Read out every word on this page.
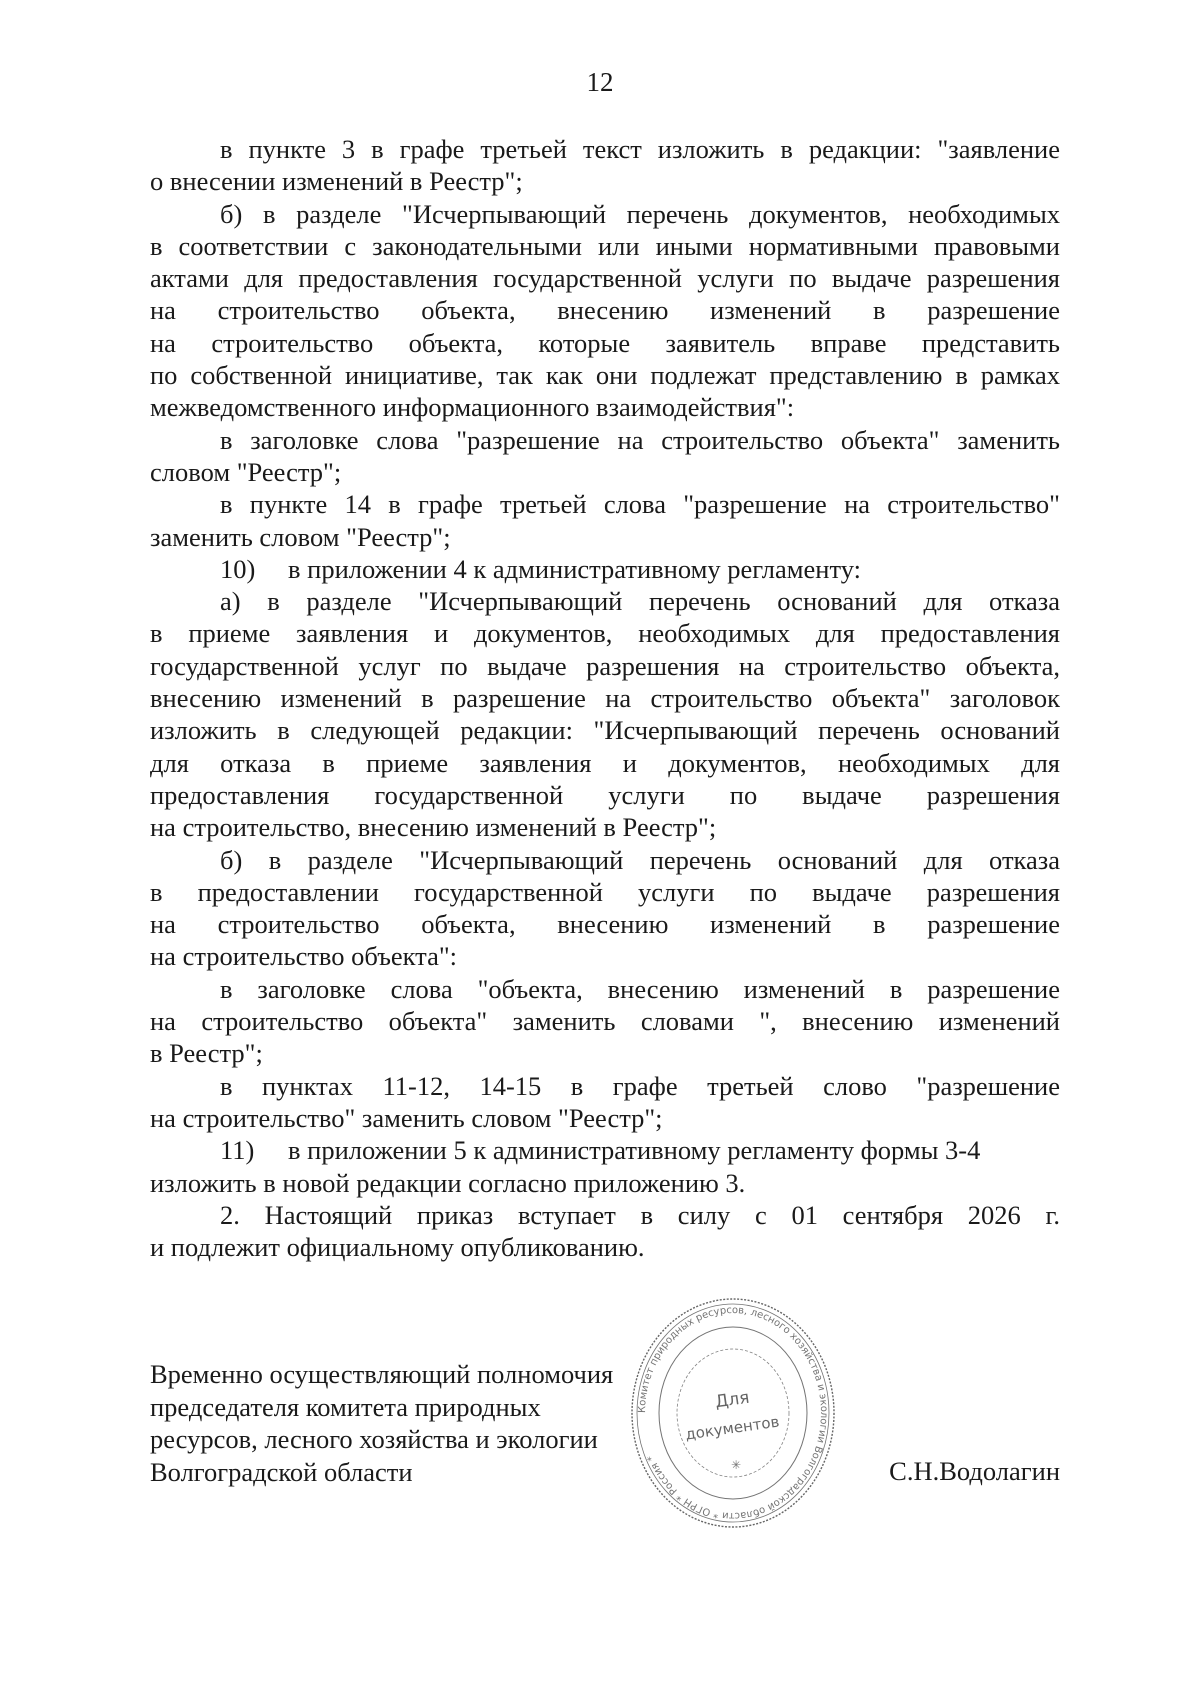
12
в пункте 3 в графе третьей текст изложить в редакции: "заявление
о внесении изменений в Реестр";
б) в разделе "Исчерпывающий перечень документов, необходимых
в соответствии с законодательными или иными нормативными правовыми
актами для предоставления государственной услуги по выдаче разрешения
на строительство объекта, внесению изменений в разрешение
на строительство объекта, которые заявитель вправе представить
по собственной инициативе, так как они подлежат представлению в рамках
межведомственного информационного взаимодействия":
в заголовке слова "разрешение на строительство объекта" заменить
словом "Реестр";
в пункте 14 в графе третьей слова "разрешение на строительство"
заменить словом "Реестр";
10) в приложении 4 к административному регламенту:
а) в разделе "Исчерпывающий перечень оснований для отказа
в приеме заявления и документов, необходимых для предоставления
государственной услуг по выдаче разрешения на строительство объекта,
внесению изменений в разрешение на строительство объекта" заголовок
изложить в следующей редакции: "Исчерпывающий перечень оснований
для отказа в приеме заявления и документов, необходимых для
предоставления государственной услуги по выдаче разрешения
на строительство, внесению изменений в Реестр";
б) в разделе "Исчерпывающий перечень оснований для отказа
в предоставлении государственной услуги по выдаче разрешения
на строительство объекта, внесению изменений в разрешение
на строительство объекта":
в заголовке слова "объекта, внесению изменений в разрешение
на строительство объекта" заменить словами ", внесению изменений
в Реестр";
в пунктах 11-12, 14-15 в графе третьей слово "разрешение
на строительство" заменить словом "Реестр";
11) в приложении 5 к административному регламенту формы 3-4
изложить в новой редакции согласно приложению 3.
2. Настоящий приказ вступает в силу с 01 сентября 2026 г.
и подлежит официальному опубликованию.
Временно осуществляющий полномочия
председателя комитета природных
ресурсов, лесного хозяйства и экологии
Волгоградской области	С.Н.Водолагин
Комитет природных ресурсов, лесного хозяйства и экологии Волгоградской области * ОГРН * Россия *
Для
документов
✳
